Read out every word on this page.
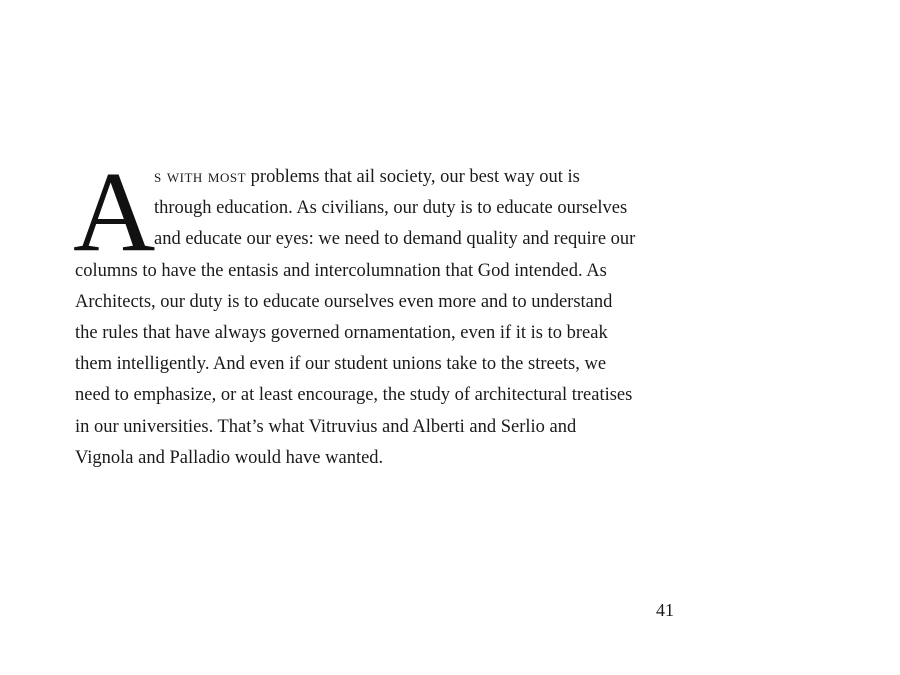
A
s with most problems that ail society, our best way out is
through education. As civilians, our duty is to educate ourselves
and educate our eyes: we need to demand quality and require our
columns to have the entasis and intercolumnation that God intended. As
Architects, our duty is to educate ourselves even more and to understand
the rules that have always governed ornamentation, even if it is to break
them intelligently. And even if our student unions take to the streets, we
need to emphasize, or at least encourage, the study of architectural treatises
in our universities. That’s what Vitruvius and Alberti and Serlio and
Vignola and Palladio would have wanted.
41
